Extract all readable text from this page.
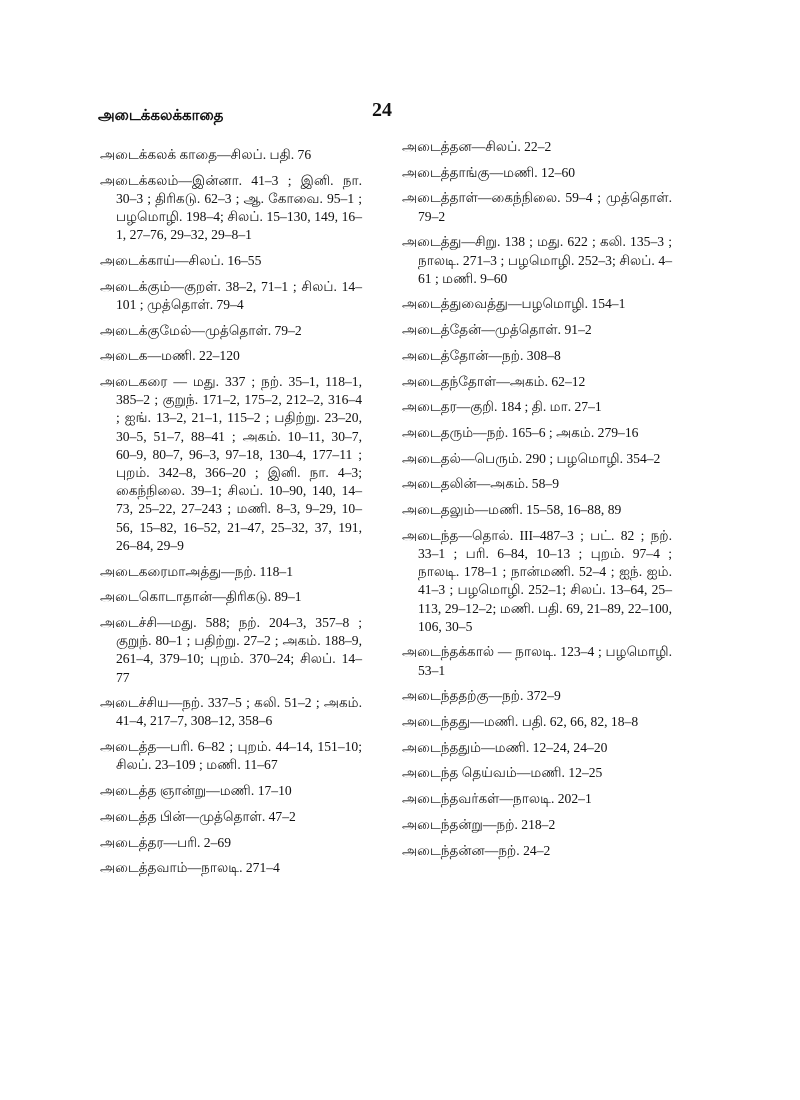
அடைக்கலக்காதை	24

அடைக்கலக் காதை—சிலப். பதி. 76

அடைக்கலம்—இன்னா. 41–3 ; இனி. நா. 30–3 ; திரிகடு. 62–3 ; ஆ. கோவை. 95–1 ; பழமொழி. 198–4; சிலப். 15–130, 149, 16–1, 27–76, 29–32, 29–8–1

அடைக்காய்—சிலப். 16–55

அடைக்கும்—குறள். 38–2, 71–1 ; சிலப். 14–101 ; முத்தொள். 79–4

அடைக்குமேல்—முத்தொள். 79–2

அடைக—மணி. 22–120

அடைகரை — மது. 337 ; நற். 35–1, 118–1, 385–2 ; குறுந். 171–2, 175–2, 212–2, 316–4 ; ஐங். 13–2, 21–1, 115–2 ; பதிற்று. 23–20, 30–5, 51–7, 88–41 ; அகம். 10–11, 30–7, 60–9, 80–7, 96–3, 97–18, 130–4, 177–11 ; புறம். 342–8, 366–20 ; இனி. நா. 4–3; கைந்நிலை. 39–1; சிலப். 10–90, 140, 14–73, 25–22, 27–243 ; மணி. 8–3, 9–29, 10–56, 15–82, 16–52, 21–47, 25–32, 37, 191, 26–84, 29–9

அடைகரைமாஅத்து—நற். 118–1

அடைகொடாதான்—திரிகடு. 89–1

அடைச்சி—மது. 588; நற். 204–3, 357–8 ; குறுந். 80–1 ; பதிற்று. 27–2 ; அகம். 188–9, 261–4, 379–10; புறம். 370–24; சிலப். 14–77

அடைச்சிய—நற். 337–5 ; கலி. 51–2 ; அகம். 41–4, 217–7, 308–12, 358–6

அடைத்த—பரி. 6–82 ; புறம். 44–14, 151–10; சிலப். 23–109 ; மணி. 11–67

அடைத்த ஞான்று—மணி. 17–10

அடைத்த பின்—முத்தொள். 47–2

அடைத்தர—பரி. 2–69

அடைத்தவாம்—நாலடி. 271–4

அடைத்தன—சிலப். 22–2

அடைத்தாங்கு—மணி. 12–60

அடைத்தாள்—கைந்நிலை. 59–4 ; முத்தொள். 79–2

அடைத்து—சிறு. 138 ; மது. 622 ; கலி. 135–3 ; நாலடி. 271–3 ; பழமொழி. 252–3; சிலப். 4–61 ; மணி. 9–60

அடைத்துவைத்து—பழமொழி. 154–1

அடைத்தேன்—முத்தொள். 91–2

அடைத்தோன்—நற். 308–8

அடைதந்தோள்—அகம். 62–12

அடைதர—குறி. 184 ; தி. மா. 27–1

அடைதரும்—நற். 165–6 ; அகம். 279–16

அடைதல்—பெரும். 290 ; பழமொழி. 354–2

அடைதலின்—அகம். 58–9

அடைதலும்—மணி. 15–58, 16–88, 89

அடைந்த—தொல். III–487–3 ; பட். 82 ; நற். 33–1 ; பரி. 6–84, 10–13 ; புறம். 97–4 ; நாலடி. 178–1 ; நான்மணி. 52–4 ; ஐந். ஐம். 41–3 ; பழமொழி. 252–1; சிலப். 13–64, 25–113, 29–12–2; மணி. பதி. 69, 21–89, 22–100, 106, 30–5

அடைந்தக்கால் — நாலடி. 123–4 ; பழமொழி. 53–1

அடைந்ததற்கு—நற். 372–9

அடைந்தது—மணி. பதி. 62, 66, 82, 18–8

அடைந்ததும்—மணி. 12–24, 24–20

அடைந்த தெய்வம்—மணி. 12–25

அடைந்தவர்கள்—நாலடி. 202–1

அடைந்தன்று—நற். 218–2

அடைந்தன்ன—நற். 24–2
